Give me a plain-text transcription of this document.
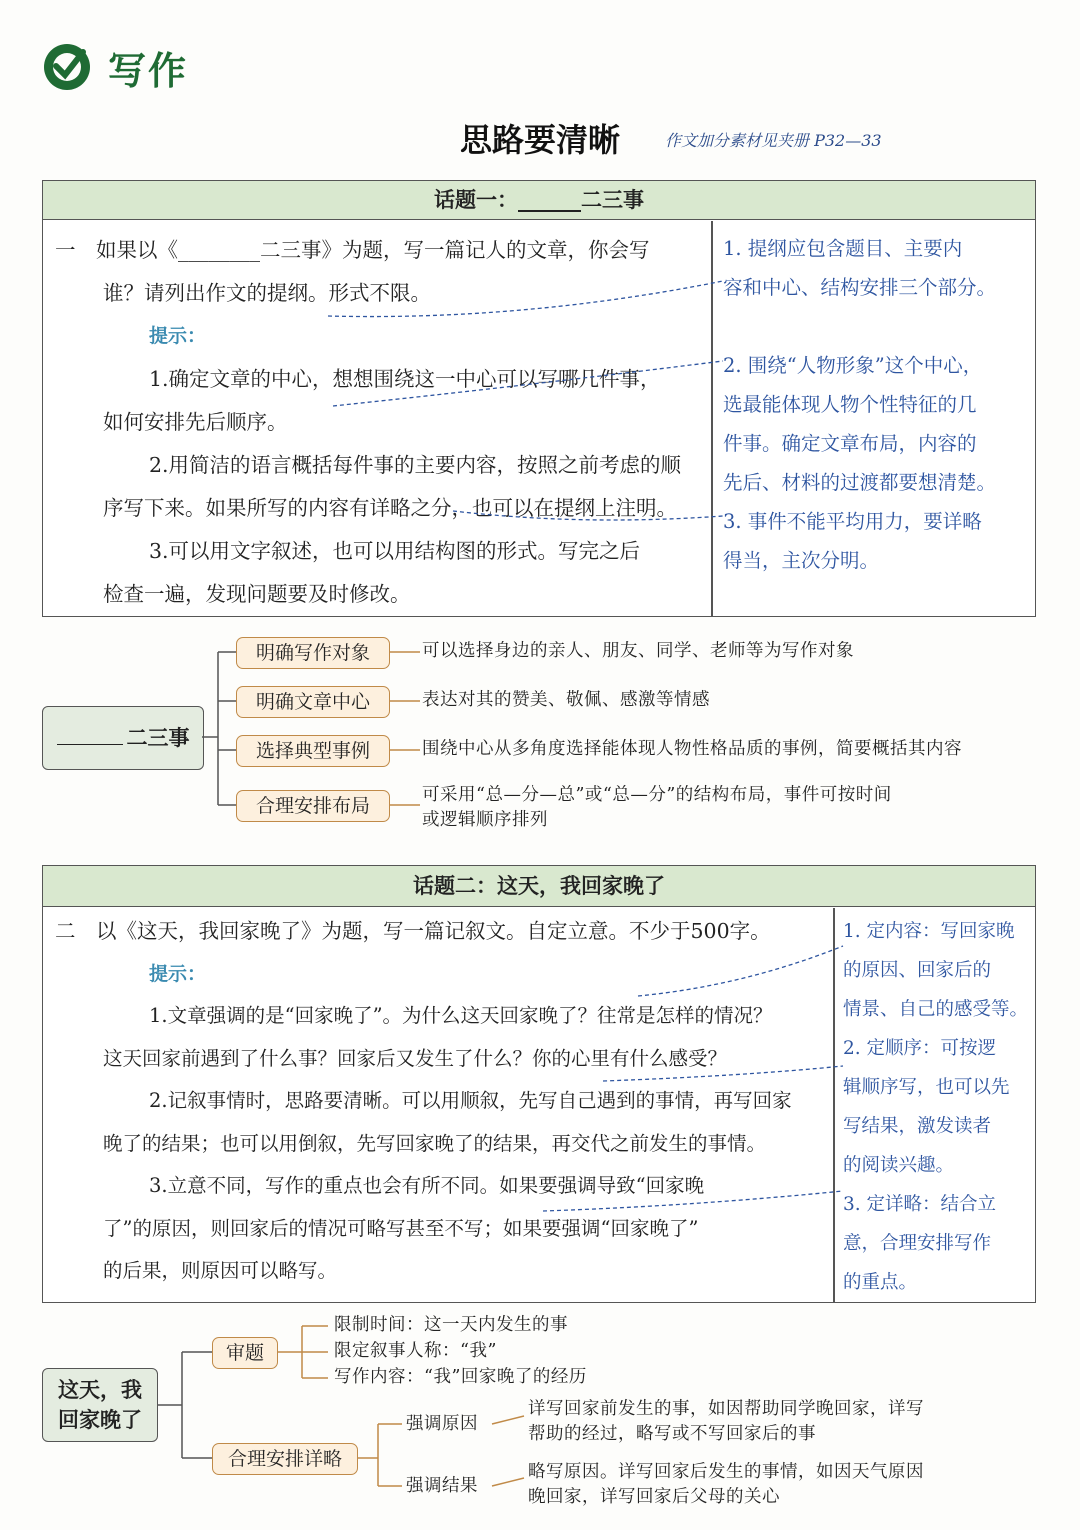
写作
思路要清晰	作文加分素材见夹册 P32—33
话题一：______二三事

一　如果以《________二三事》为题，写一篇记人的文章，你会写

谁？请列出作文的提纲。形式不限。

提示：

1.确定文章的中心，想想围绕这一中心可以写哪几件事，

如何安排先后顺序。

2.用简洁的语言概括每件事的主要内容，按照之前考虑的顺

序写下来。如果所写的内容有详略之分，也可以在提纲上注明。

3.可以用文字叙述，也可以用结构图的形式。写完之后

检查一遍，发现问题要及时修改。

1. 提纲应包含题目、主要内

容和中心、结构安排三个部分。

2. 围绕“人物形象”这个中心，

选最能体现人物个性特征的几

件事。确定文章布局，内容的

先后、材料的过渡都要想清楚。

3. 事件不能平均用力，要详略

得当，主次分明。

二三事
明确写作对象
明确文章中心
选择典型事例
合理安排布局
可以选择身边的亲人、朋友、同学、老师等为写作对象
表达对其的赞美、敬佩、感激等情感
围绕中心从多角度选择能体现人物性格品质的事例，简要概括其内容
可采用“总—分—总”或“总—分”的结构布局，事件可按时间
或逻辑顺序排列
话题二：这天，我回家晚了

二　以《这天，我回家晚了》为题，写一篇记叙文。自定立意。不少于500字。

提示：

1.文章强调的是“回家晚了”。为什么这天回家晚了？往常是怎样的情况？

这天回家前遇到了什么事？回家后又发生了什么？你的心里有什么感受？

2.记叙事情时，思路要清晰。可以用顺叙，先写自己遇到的事情，再写回家

晚了的结果；也可以用倒叙，先写回家晚了的结果，再交代之前发生的事情。

3.立意不同，写作的重点也会有所不同。如果要强调导致“回家晚

了”的原因，则回家后的情况可略写甚至不写；如果要强调“回家晚了”

的后果，则原因可以略写。

1. 定内容：写回家晚

的原因、回家后的

情景、自己的感受等。

2. 定顺序：可按逻

辑顺序写，也可以先

写结果，激发读者

的阅读兴趣。

3. 定详略：结合立

意，合理安排写作

的重点。

这天，我
回家晚了
审题
限制时间：这一天内发生的事
限定叙事人称：“我”
写作内容：“我”回家晚了的经历
合理安排详略
强调原因
强调结果
详写回家前发生的事，如因帮助同学晚回家，详写
帮助的经过，略写或不写回家后的事
略写原因。详写回家后发生的事情，如因天气原因
晚回家，详写回家后父母的关心
